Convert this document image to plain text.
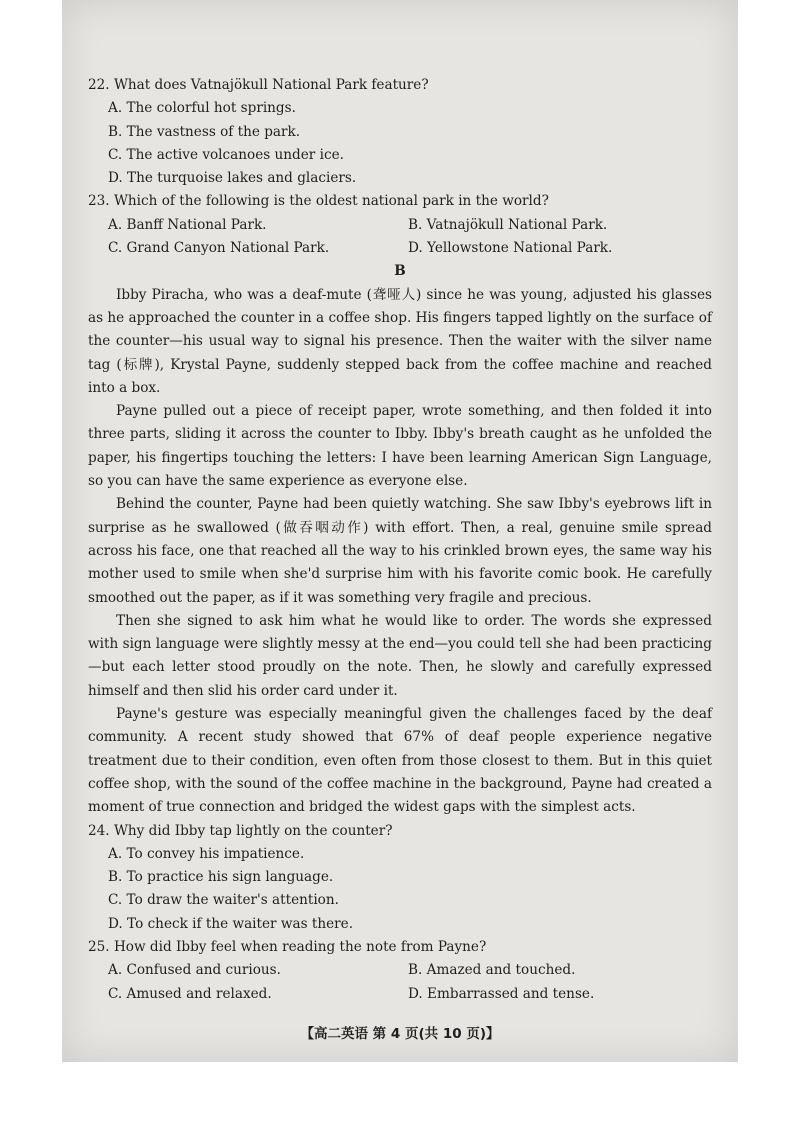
22. What does Vatnajökull National Park feature?

A. The colorful hot springs.

B. The vastness of the park.

C. The active volcanoes under ice.

D. The turquoise lakes and glaciers.

23. Which of the following is the oldest national park in the world?

A. Banff National Park.	B. Vatnajökull National Park.
C. Grand Canyon National Park.	D. Yellowstone National Park.

B

Ibby Piracha, who was a deaf-mute (聋哑人) since he was young, adjusted his glasses as he approached the counter in a coffee shop. His fingers tapped lightly on the surface of the counter—his usual way to signal his presence. Then the waiter with the silver name tag (标牌), Krystal Payne, suddenly stepped back from the coffee machine and reached into a box.

Payne pulled out a piece of receipt paper, wrote something, and then folded it into three parts, sliding it across the counter to Ibby. Ibby's breath caught as he unfolded the paper, his fingertips touching the letters: I have been learning American Sign Language, so you can have the same experience as everyone else.

Behind the counter, Payne had been quietly watching. She saw Ibby's eyebrows lift in surprise as he swallowed (做吞咽动作) with effort. Then, a real, genuine smile spread across his face, one that reached all the way to his crinkled brown eyes, the same way his mother used to smile when she'd surprise him with his favorite comic book. He carefully smoothed out the paper, as if it was something very fragile and precious.

Then she signed to ask him what he would like to order. The words she expressed with sign language were slightly messy at the end—you could tell she had been practicing—but each letter stood proudly on the note. Then, he slowly and carefully expressed himself and then slid his order card under it.

Payne's gesture was especially meaningful given the challenges faced by the deaf community. A recent study showed that 67% of deaf people experience negative treatment due to their condition, even often from those closest to them. But in this quiet coffee shop, with the sound of the coffee machine in the background, Payne had created a moment of true connection and bridged the widest gaps with the simplest acts.

24. Why did Ibby tap lightly on the counter?

A. To convey his impatience.

B. To practice his sign language.

C. To draw the waiter's attention.

D. To check if the waiter was there.

25. How did Ibby feel when reading the note from Payne?

A. Confused and curious.	B. Amazed and touched.
C. Amused and relaxed.	D. Embarrassed and tense.
【高二英语 第 4 页(共 10 页)】
